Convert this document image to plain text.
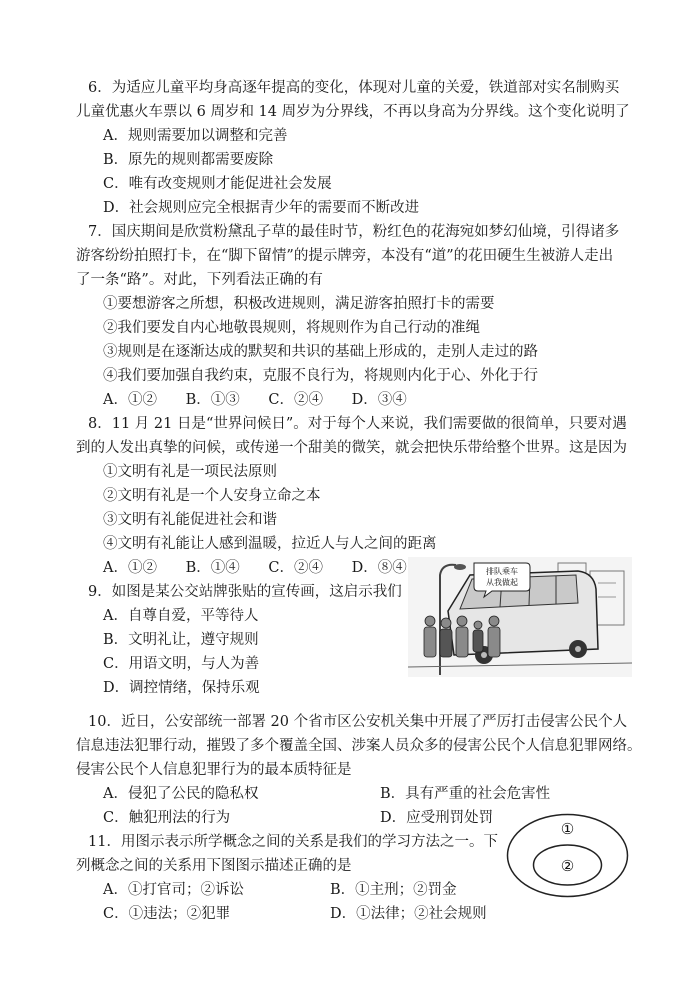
6．为适应儿童平均身高逐年提高的变化，体现对儿童的关爱，铁道部对实名制购买
儿童优惠火车票以 6 周岁和 14 周岁为分界线，不再以身高为分界线。这个变化说明了
A．规则需要加以调整和完善
B．原先的规则都需要废除
C．唯有改变规则才能促进社会发展
D．社会规则应完全根据青少年的需要而不断改进
7．国庆期间是欣赏粉黛乱子草的最佳时节，粉红色的花海宛如梦幻仙境，引得诸多
游客纷纷拍照打卡，在“脚下留情”的提示牌旁，本没有“道”的花田硬生生被游人走出
了一条“路”。对此，下列看法正确的有
①要想游客之所想，积极改进规则，满足游客拍照打卡的需要
②我们要发自内心地敬畏规则，将规则作为自己行动的准绳
③规则是在逐渐达成的默契和共识的基础上形成的，走别人走过的路
④我们要加强自我约束，克服不良行为，将规则内化于心、外化于行
A．①② B．①③ C．②④ D．③④
8．11 月 21 日是“世界问候日”。对于每个人来说，我们需要做的很简单，只要对遇
到的人发出真挚的问候，或传递一个甜美的微笑，就会把快乐带给整个世界。这是因为
①文明有礼是一项民法原则
②文明有礼是一个人安身立命之本
③文明有礼能促进社会和谐
④文明有礼能让人感到温暖，拉近人与人之间的距离
A．①② B．①④ C．②④ D．⑧④
9．如图是某公交站牌张贴的宣传画，这启示我们
A．自尊自爱，平等待人
B．文明礼让，遵守规则
C．用语文明，与人为善
D．调控情绪，保持乐观
排队乘车
从我做起
10．近日，公安部统一部署 20 个省市区公安机关集中开展了严厉打击侵害公民个人
信息违法犯罪行动，摧毁了多个覆盖全国、涉案人员众多的侵害公民个人信息犯罪网络。
侵害公民个人信息犯罪行为的最本质特征是
A．侵犯了公民的隐私权	B．具有严重的社会危害性
C．触犯刑法的行为	D．应受刑罚处罚
11．用图示表示所学概念之间的关系是我们的学习方法之一。下
列概念之间的关系用下图图示描述正确的是
A．①打官司；②诉讼	B．①主刑；②罚金
C．①违法；②犯罪	D．①法律；②社会规则
①
②
